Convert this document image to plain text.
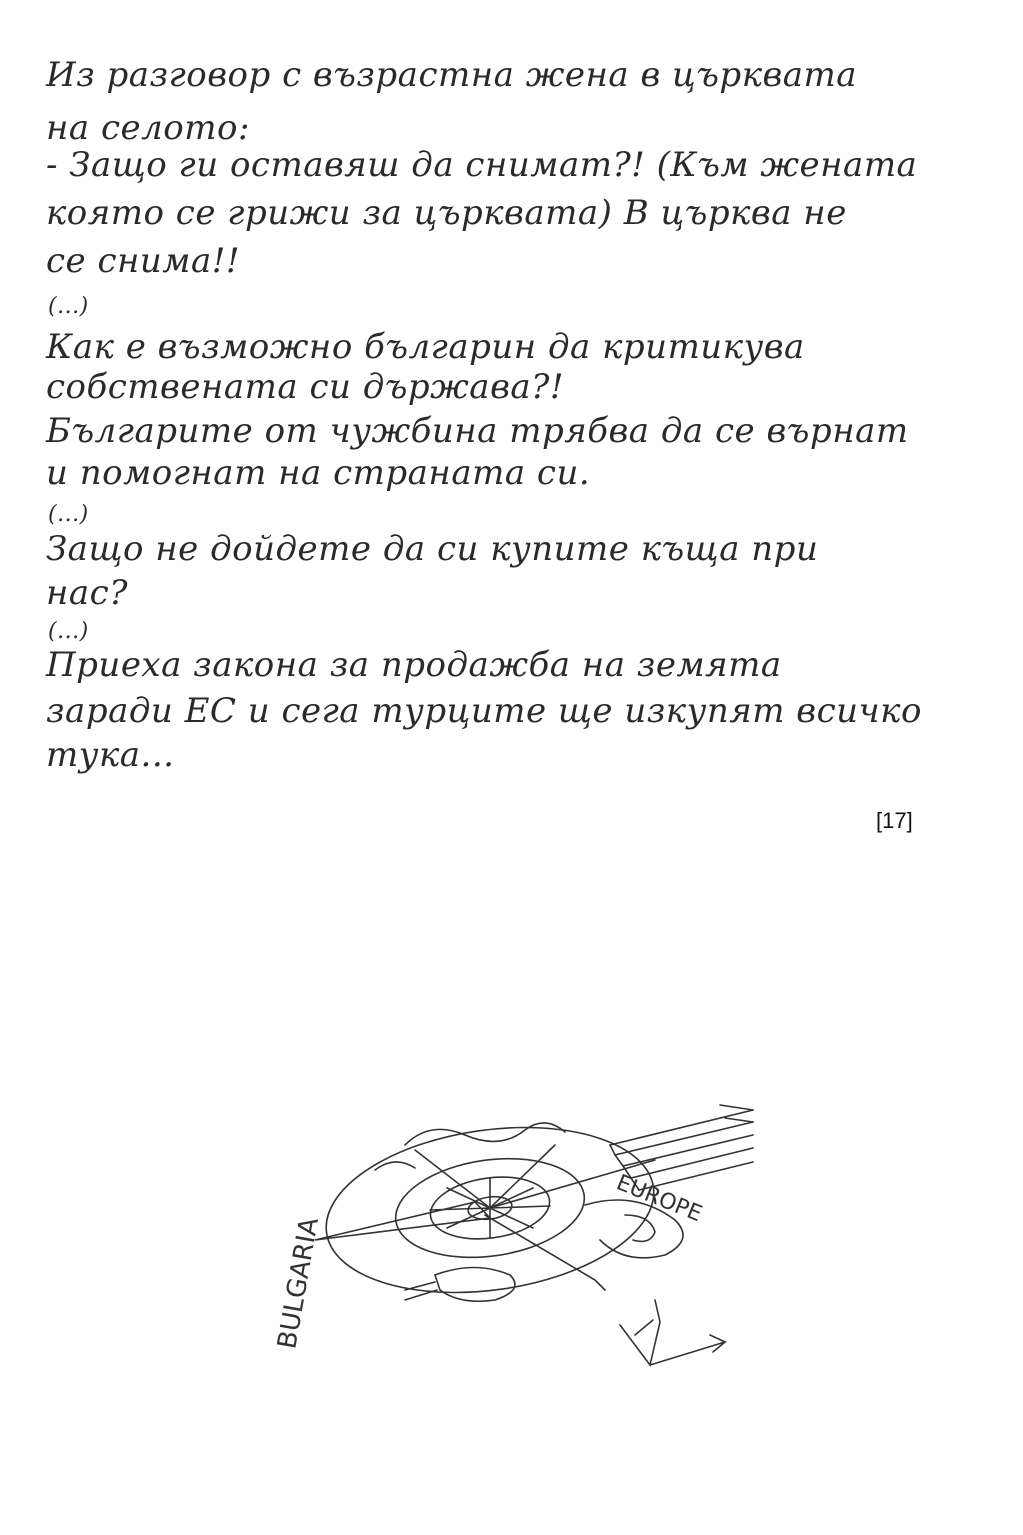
Из разговор с възрастна жена в църквата
на селото:
- Защо ги оставяш да снимат?! (Към жената
която се грижи за църквата) В църква не
се снима!!
(...)
Как е възможно българин да критикува
собствената си държава?!
Българите от чужбина трябва да се върнат
и помогнат на страната си.
(...)
Защо не дойдете да си купите къща при
нас?
(...)
Приеха закона за продажба на земята
заради ЕС и сега турците ще изкупят всичко
тука...
[17]
BULGARIA
EUROPE
